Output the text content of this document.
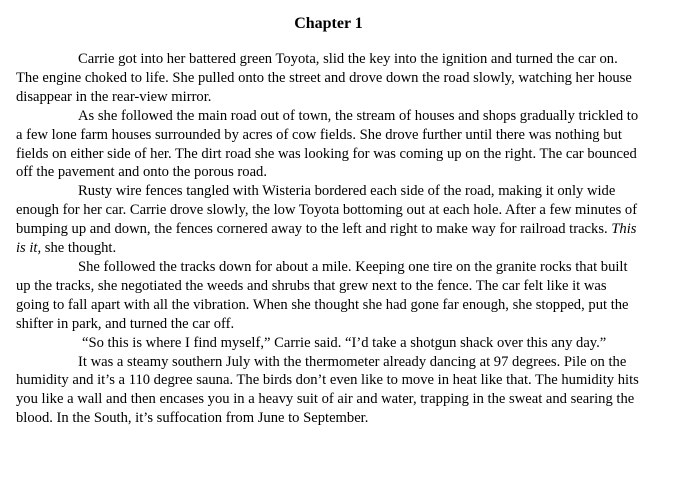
Chapter 1

Carrie got into her battered green Toyota, slid the key into the ignition and turned the car on. The engine choked to life. She pulled onto the street and drove down the road slowly, watching her house disappear in the rear-view mirror.

As she followed the main road out of town, the stream of houses and shops gradually trickled to a few lone farm houses surrounded by acres of cow fields. She drove further until there was nothing but fields on either side of her. The dirt road she was looking for was coming up on the right. The car bounced off the pavement and onto the porous road.

Rusty wire fences tangled with Wisteria bordered each side of the road, making it only wide enough for her car. Carrie drove slowly, the low Toyota bottoming out at each hole. After a few minutes of bumping up and down, the fences cornered away to the left and right to make way for railroad tracks. This is it, she thought.

She followed the tracks down for about a mile. Keeping one tire on the granite rocks that built up the tracks, she negotiated the weeds and shrubs that grew next to the fence. The car felt like it was going to fall apart with all the vibration. When she thought she had gone far enough, she stopped, put the shifter in park, and turned the car off.

“So this is where I find myself,” Carrie said. “I’d take a shotgun shack over this any day.”

It was a steamy southern July with the thermometer already dancing at 97 degrees. Pile on the humidity and it’s a 110 degree sauna. The birds don’t even like to move in heat like that. The humidity hits you like a wall and then encases you in a heavy suit of air and water, trapping in the sweat and searing the blood. In the South, it’s suffocation from June to September.
